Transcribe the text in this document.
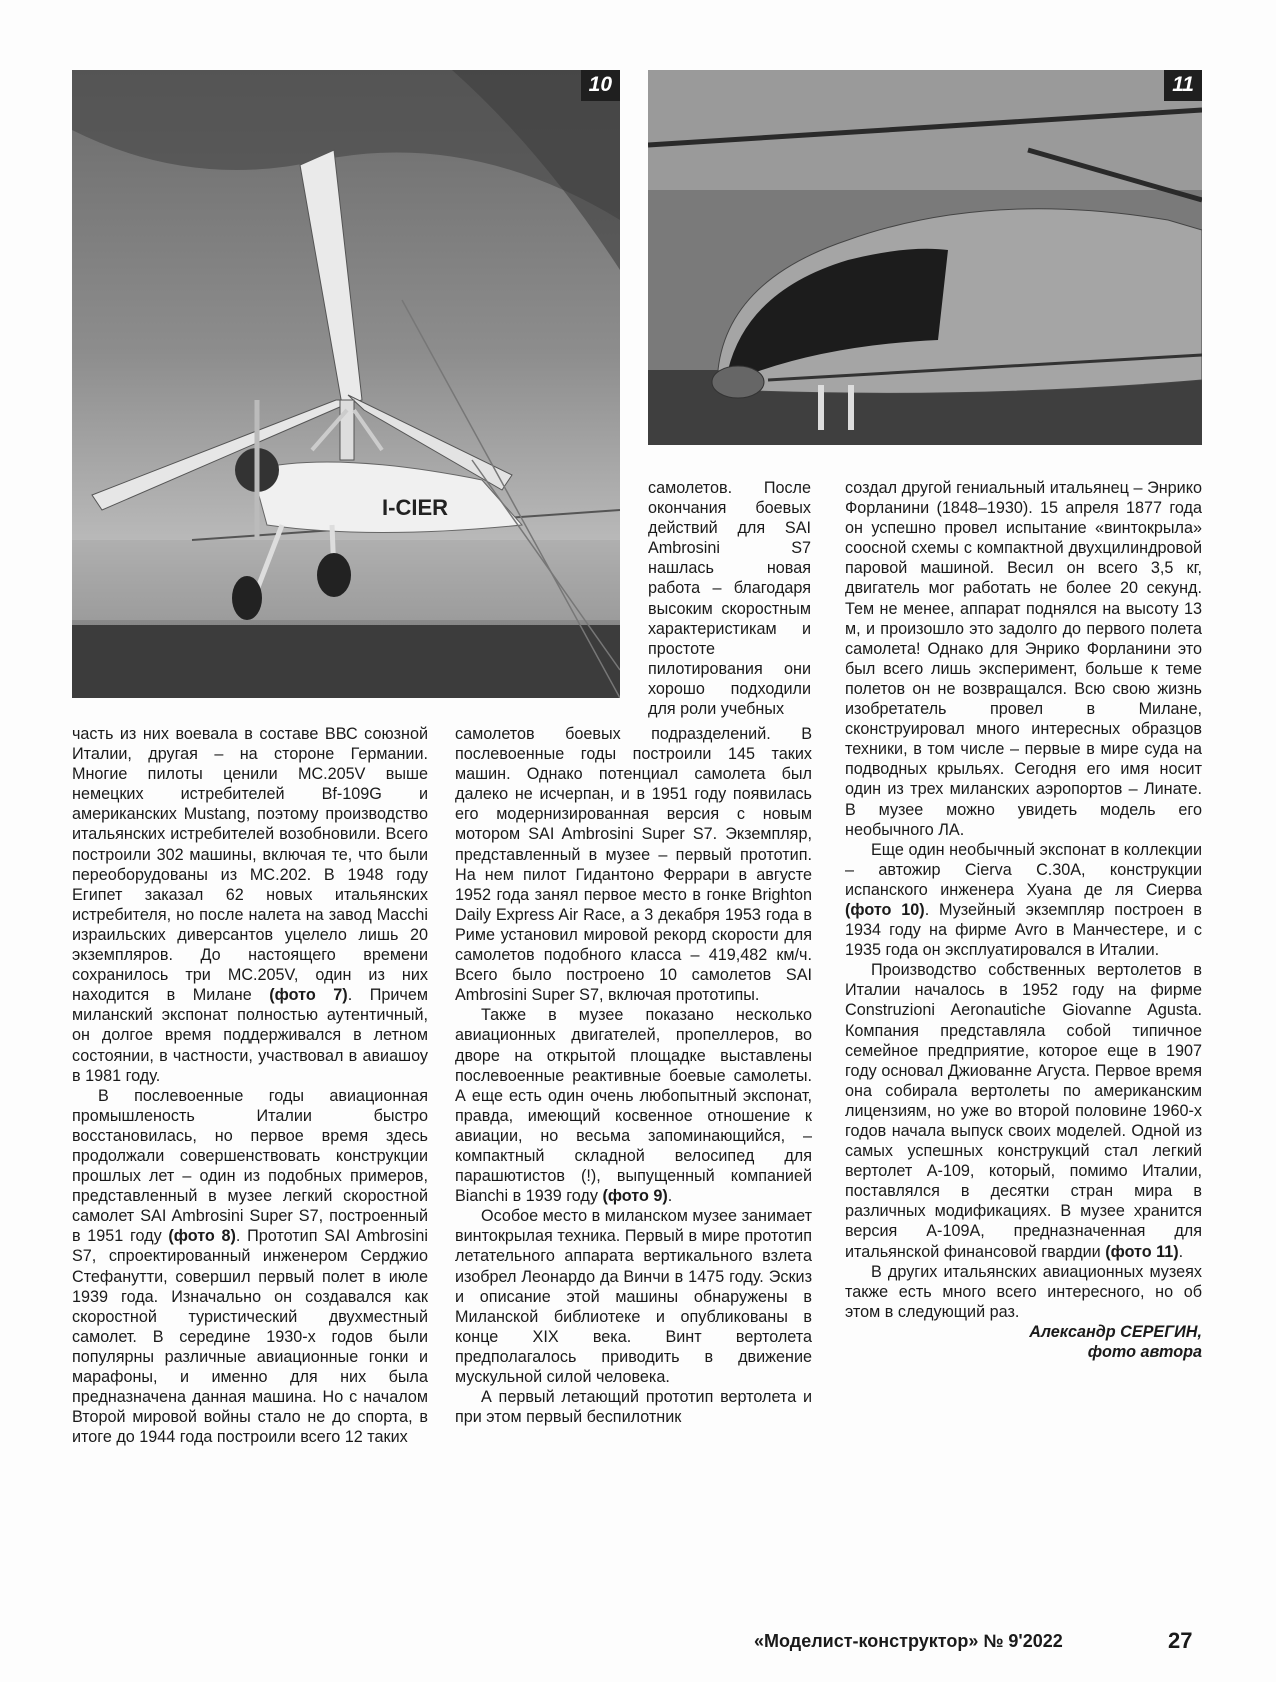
I-CIER
10	11

самолетов. После окончания боевых действий для SAI Ambrosini S7 нашлась новая работа – благодаря высоким скоростным характеристикам и простоте пилотирования они хорошо подходили для роли учебных

часть из них воевала в составе ВВС союзной Италии, другая – на стороне Германии. Многие пилоты ценили MC.205V выше немецких истребителей Bf-109G и американских Mustang, поэтому производство итальянских истребителей возобновили. Всего построили 302 машины, включая те, что были переоборудованы из MC.202. В 1948 году Египет заказал 62 новых итальянских истребителя, но после налета на завод Macchi израильских диверсантов уцелело лишь 20 экземпляров. До настоящего времени сохранилось три MC.205V, один из них находится в Милане (фото 7). Причем миланский экспонат полностью аутентичный, он долгое время поддерживался в летном состоянии, в частности, участвовал в авиашоу в 1981 году.

В послевоенные годы авиационная промышленость Италии быстро восстановилась, но первое время здесь продолжали совершенствовать конструкции прошлых лет – один из подобных примеров, представленный в музее легкий скоростной самолет SAI Ambrosini Super S7, построенный в 1951 году (фото 8). Прототип SAI Ambrosini S7, спроектированный инженером Серджио Стефанутти, совершил первый полет в июле 1939 года. Изначально он создавался как скоростной туристический двухместный самолет. В середине 1930-х годов были популярны различные авиационные гонки и марафоны, и именно для них была предназначена данная машина. Но с началом Второй мировой войны стало не до спорта, в итоге до 1944 года построили всего 12 таких

самолетов боевых подразделений. В послевоенные годы построили 145 таких машин. Однако потенциал самолета был далеко не исчерпан, и в 1951 году появилась его модернизированная версия с новым мотором SAI Ambrosini Super S7. Экземпляр, представленный в музее – первый прототип. На нем пилот Гидантоно Феррари в августе 1952 года занял первое место в гонке Brighton Daily Express Air Race, а 3 декабря 1953 года в Риме установил мировой рекорд скорости для самолетов подобного класса – 419,482 км/ч. Всего было построено 10 самолетов SAI Ambrosini Super S7, включая прототипы.

Также в музее показано несколько авиационных двигателей, пропеллеров, во дворе на открытой площадке выставлены послевоенные реактивные боевые самолеты. А еще есть один очень любопытный экспонат, правда, имеющий косвенное отношение к авиации, но весьма запоминающийся, – компактный складной велосипед для парашютистов (!), выпущенный компанией Bianchi в 1939 году (фото 9).

Особое место в миланском музее занимает винтокрылая техника. Первый в мире прототип летательного аппарата вертикального взлета изобрел Леонардо да Винчи в 1475 году. Эскиз и описание этой машины обнаружены в Миланской библиотеке и опубликованы в конце XIX века. Винт вертолета предполагалось приводить в движение мускульной силой человека.

А первый летающий прототип вертолета и при этом первый беспилотник

создал другой гениальный итальянец – Энрико Форланини (1848–1930). 15 апреля 1877 года он успешно провел испытание «винтокрыла» соосной схемы с компактной двухцилиндровой паровой машиной. Весил он всего 3,5 кг, двигатель мог работать не более 20 секунд. Тем не менее, аппарат поднялся на высоту 13 м, и произошло это задолго до первого полета самолета! Однако для Энрико Форланини это был всего лишь эксперимент, больше к теме полетов он не возвращался. Всю свою жизнь изобретатель провел в Милане, сконструировал много интересных образцов техники, в том числе – первые в мире суда на подводных крыльях. Сегодня его имя носит один из трех миланских аэропортов – Линате. В музее можно увидеть модель его необычного ЛА.

Еще один необычный экспонат в коллекции – автожир Cierva C.30A, конструкции испанского инженера Хуана де ля Сиерва (фото 10). Музейный экземпляр построен в 1934 году на фирме Avro в Манчестере, и с 1935 года он эксплуатировался в Италии.

Производство собственных вертолетов в Италии началось в 1952 году на фирме Construzioni Aeronautiche Giovanne Agusta. Компания представляла собой типичное семейное предприятие, которое еще в 1907 году основал Джиованне Агуста. Первое время она собирала вертолеты по американским лицензиям, но уже во второй половине 1960-х годов начала выпуск своих моделей. Одной из самых успешных конструкций стал легкий вертолет А-109, который, помимо Италии, поставлялся в десятки стран мира в различных модификациях. В музее хранится версия А-109А, предназначенная для итальянской финансовой гвардии (фото 11).

В других итальянских авиационных музеях также есть много всего интересного, но об этом в следующий раз.

Александр СЕРЕГИН,
фото автора
«Моделист-конструктор» № 9'2022	27
